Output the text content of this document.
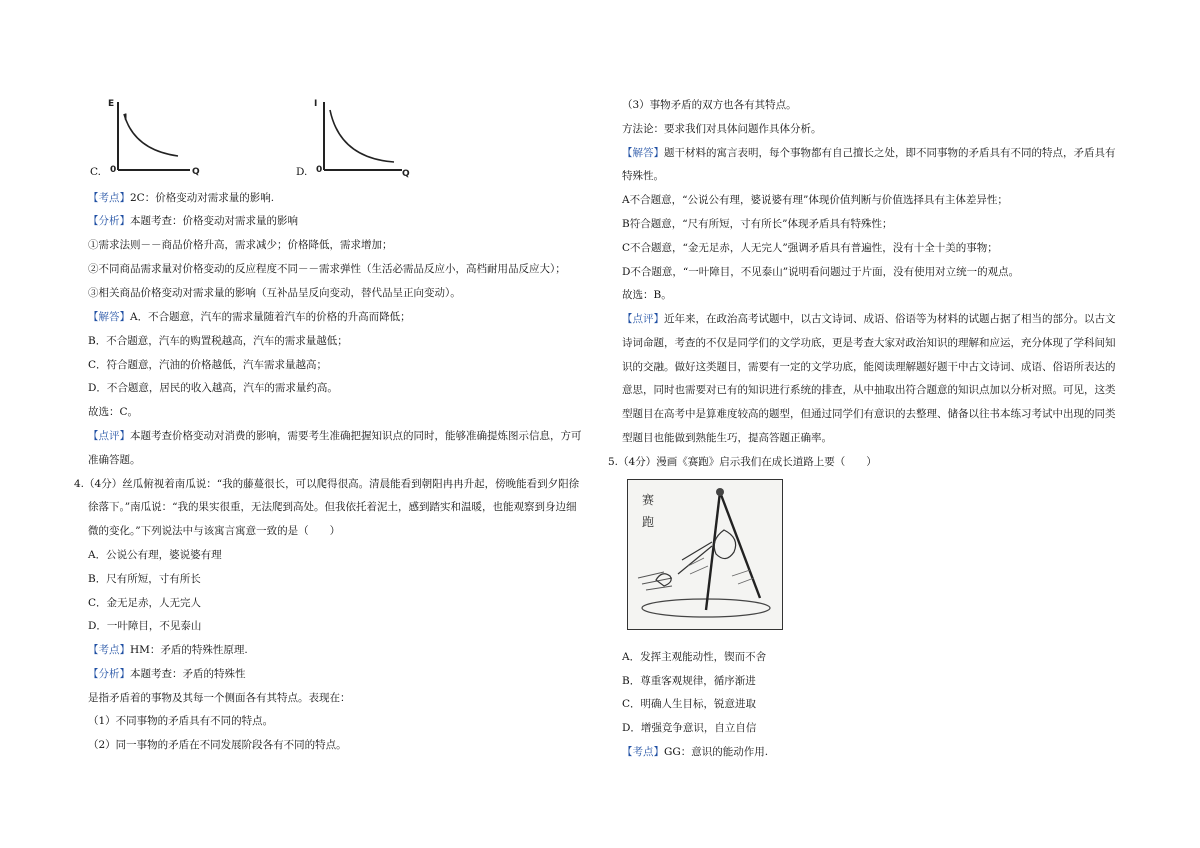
E
I
0	Q
C.
I
0	Q
D.
【考点】2C：价格变动对需求量的影响.
【分析】本题考查：价格变动对需求量的影响
①需求法则－－商品价格升高，需求减少；价格降低，需求增加；
②不同商品需求量对价格变动的反应程度不同－－需求弹性（生活必需品反应小，高档耐用品反应大）；
③相关商品价格变动对需求量的影响（互补品呈反向变动，替代品呈正向变动）。
【解答】A．不合题意，汽车的需求量随着汽车的价格的升高而降低；
B．不合题意，汽车的购置税越高，汽车的需求量越低；
C．符合题意，汽油的价格越低，汽车需求量越高；
D．不合题意，居民的收入越高，汽车的需求量约高。
故选：C。
【点评】本题考查价格变动对消费的影响，需要考生准确把握知识点的同时，能够准确提炼图示信息，方可
准确答题。
4.（4分）丝瓜俯视着南瓜说：“我的藤蔓很长，可以爬得很高。清晨能看到朝阳冉冉升起，傍晚能看到夕阳徐
徐落下。”南瓜说：“我的果实很重，无法爬到高处。但我依托着泥土，感到踏实和温暖，也能观察到身边细
微的变化。”下列说法中与该寓言寓意一致的是（　　）
A．公说公有理，婆说婆有理
B．尺有所短，寸有所长
C．金无足赤，人无完人
D．一叶障目，不见泰山
【考点】HM：矛盾的特殊性原理.
【分析】本题考查：矛盾的特殊性
是指矛盾着的事物及其每一个侧面各有其特点。表现在：
（1）不同事物的矛盾具有不同的特点。
（2）同一事物的矛盾在不同发展阶段各有不同的特点。
（3）事物矛盾的双方也各有其特点。
方法论：要求我们对具体问题作具体分析。
【解答】题干材料的寓言表明，每个事物都有自己擅长之处，即不同事物的矛盾具有不同的特点，矛盾具有
特殊性。
A不合题意，“公说公有理，婆说婆有理”体现价值判断与价值选择具有主体差异性；
B符合题意，“尺有所短，寸有所长”体现矛盾具有特殊性；
C不合题意，“金无足赤，人无完人”强调矛盾具有普遍性，没有十全十美的事物；
D不合题意，“一叶障目，不见泰山”说明看问题过于片面，没有使用对立统一的观点。
故选：B。
【点评】近年来，在政治高考试题中，以古文诗词、成语、俗语等为材料的试题占据了相当的部分。以古文
诗词命题，考查的不仅是同学们的文学功底，更是考查大家对政治知识的理解和应运，充分体现了学科间知
识的交融。做好这类题目，需要有一定的文学功底，能阅读理解题好题干中古文诗词、成语、俗语所表达的
意思，同时也需要对已有的知识进行系统的排查，从中抽取出符合题意的知识点加以分析对照。可见，这类
型题目在高考中是算难度较高的题型，但通过同学们有意识的去整理、储备以往书本练习考试中出现的同类
型题目也能做到熟能生巧，提高答题正确率。
5.（4分）漫画《赛跑》启示我们在成长道路上要（　　）
A．发挥主观能动性，锲而不舍
B．尊重客观规律，循序渐进
C．明确人生目标，锐意进取
D．增强竞争意识，自立自信
【考点】GG：意识的能动作用.
赛
跑
